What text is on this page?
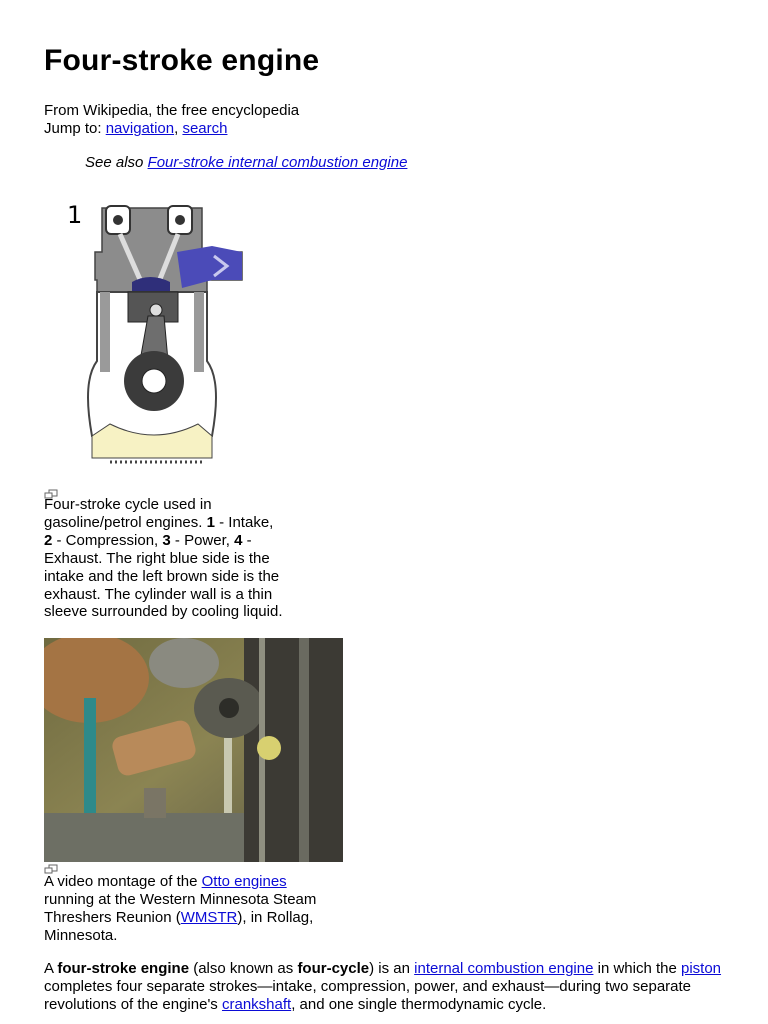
Four-stroke engine
From Wikipedia, the free encyclopedia
Jump to: navigation, search
See also Four-stroke internal combustion engine
1
Four-stroke cycle used in gasoline/petrol engines. 1 - Intake, 2 - Compression, 3 - Power, 4 - Exhaust. The right blue side is the intake and the left brown side is the exhaust. The cylinder wall is a thin sleeve surrounded by cooling liquid.
A video montage of the Otto engines running at the Western Minnesota Steam Threshers Reunion (WMSTR), in Rollag, Minnesota.
A four-stroke engine (also known as four-cycle) is an internal combustion engine in which the piston completes four separate strokes—intake, compression, power, and exhaust—during two separate revolutions of the engine's crankshaft, and one single thermodynamic cycle.
